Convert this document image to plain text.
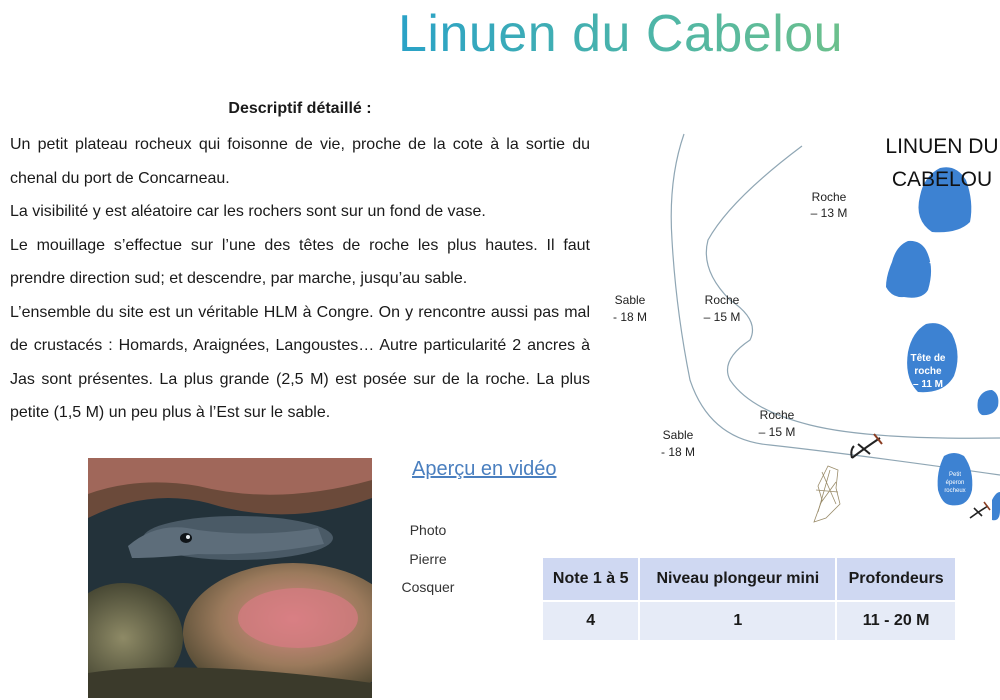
Linuen du Cabelou
Descriptif détaillé :

Un petit plateau rocheux qui foisonne de vie, proche de la cote à la sortie du chenal du port de Concarneau.

La visibilité y est aléatoire car les rochers sont sur un fond de vase.

Le mouillage s’effectue sur l’une des têtes de roche les plus hautes. Il faut prendre direction sud; et descendre, par marche, jusqu’au sable.

L’ensemble du site est un véritable HLM à Congre. On y rencontre aussi pas mal de crustacés : Homards, Araignées, Langoustes… Autre particularité 2 ancres à Jas sont présentes. La plus grande (2,5 M) est posée sur de la roche. La plus petite (1,5 M) un peu plus à l’Est sur le sable.

Aperçu en vidéo
Photo
Pierre
Cosquer	Note 1 à 5	Niveau plongeur mini	Profondeurs
4	1	11 - 20 M
Roche
– 13 M
Sable
- 18 M
Roche
– 15 M
Roche
– 15 M
Sable
- 18 M
Tête de
roche
– 11 M
Tête de
roche
– 11 M
Tête de
roche
– 11 M
Petit
éperon
rocheux
LINUEN DU
CABELOU
